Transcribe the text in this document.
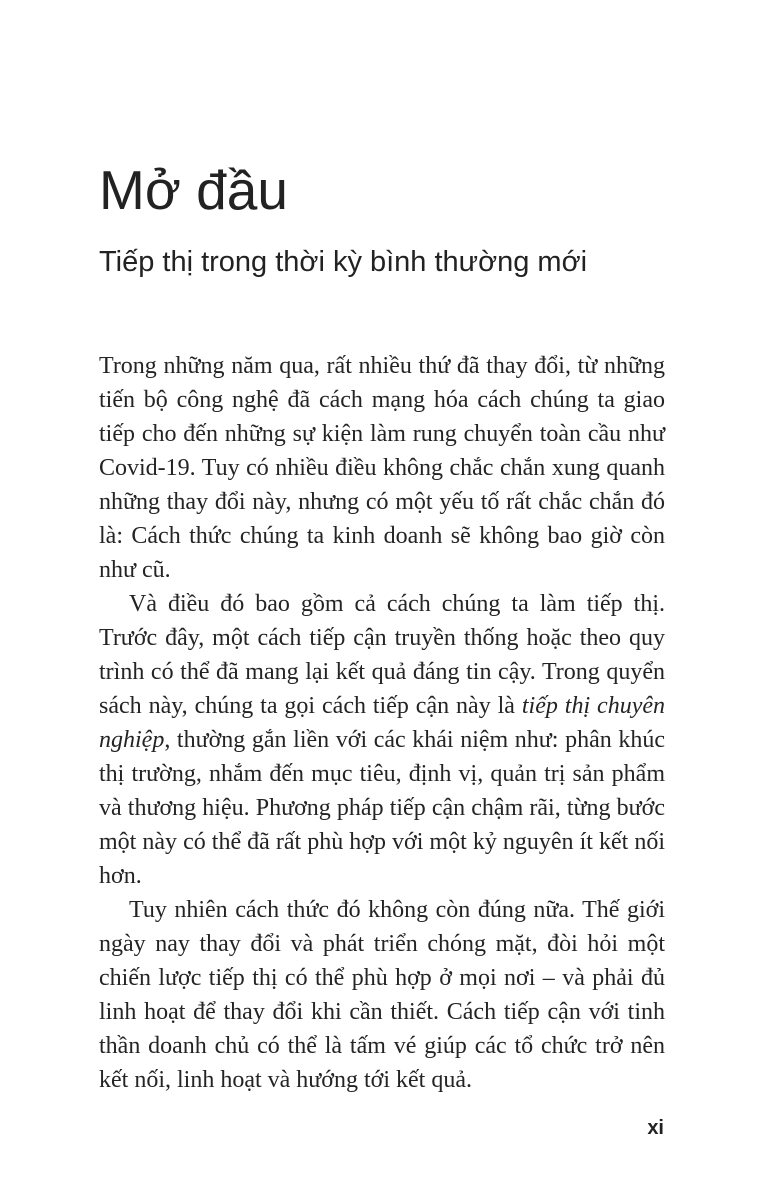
Mở đầu
Tiếp thị trong thời kỳ bình thường mới

Trong những năm qua, rất nhiều thứ đã thay đổi, từ những tiến bộ công nghệ đã cách mạng hóa cách chúng ta giao tiếp cho đến những sự kiện làm rung chuyển toàn cầu như Covid-19. Tuy có nhiều điều không chắc chắn xung quanh những thay đổi này, nhưng có một yếu tố rất chắc chắn đó là: Cách thức chúng ta kinh doanh sẽ không bao giờ còn như cũ.

Và điều đó bao gồm cả cách chúng ta làm tiếp thị. Trước đây, một cách tiếp cận truyền thống hoặc theo quy trình có thể đã mang lại kết quả đáng tin cậy. Trong quyển sách này, chúng ta gọi cách tiếp cận này là tiếp thị chuyên nghiệp, thường gắn liền với các khái niệm như: phân khúc thị trường, nhắm đến mục tiêu, định vị, quản trị sản phẩm và thương hiệu. Phương pháp tiếp cận chậm rãi, từng bước một này có thể đã rất phù hợp với một kỷ nguyên ít kết nối hơn.

Tuy nhiên cách thức đó không còn đúng nữa. Thế giới ngày nay thay đổi và phát triển chóng mặt, đòi hỏi một chiến lược tiếp thị có thể phù hợp ở mọi nơi – và phải đủ linh hoạt để thay đổi khi cần thiết. Cách tiếp cận với tinh thần doanh chủ có thể là tấm vé giúp các tổ chức trở nên kết nối, linh hoạt và hướng tới kết quả.

xi
